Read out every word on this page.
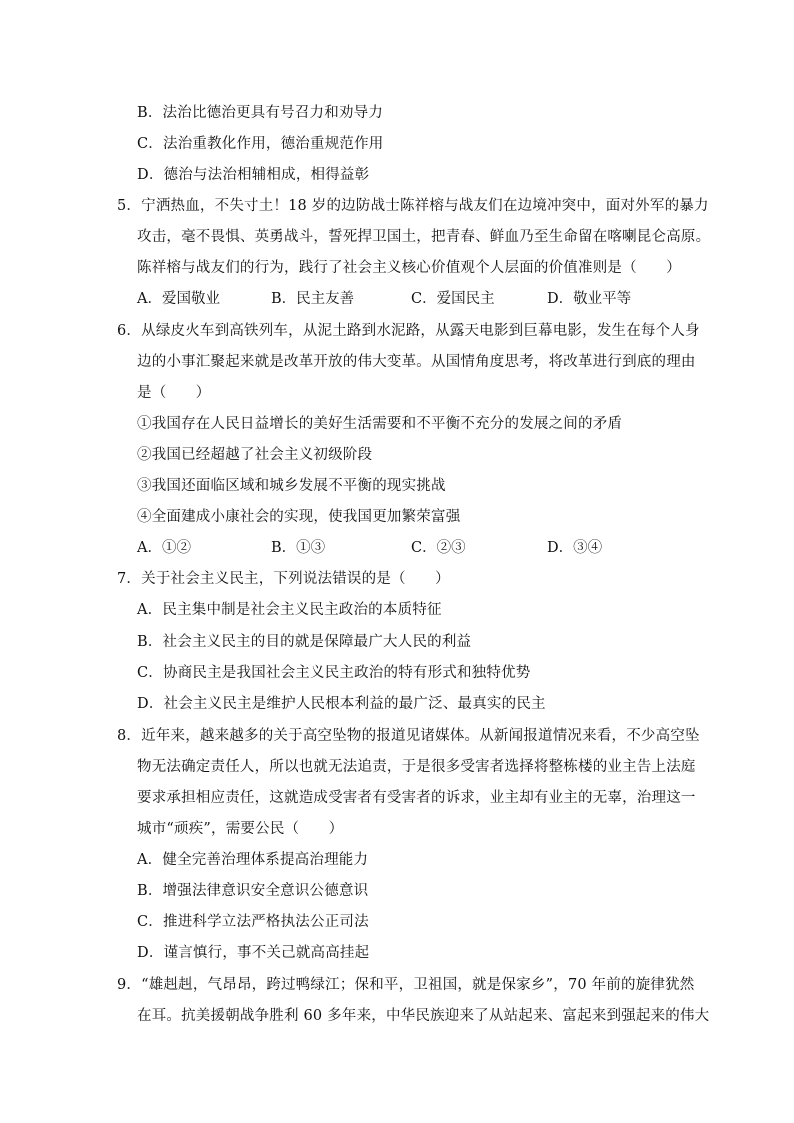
B．法治比德治更具有号召力和劝导力
C．法治重教化作用，德治重规范作用
D．德治与法治相辅相成，相得益彰
5．宁洒热血，不失寸土！18 岁的边防战士陈祥榕与战友们在边境冲突中，面对外军的暴力
攻击，毫不畏惧、英勇战斗，誓死捍卫国土，把青春、鲜血乃至生命留在喀喇昆仑高原。
陈祥榕与战友们的行为，践行了社会主义核心价值观个人层面的价值准则是（　　）
A．爱国敬业	B．民主友善	C．爱国民主	D．敬业平等
6．从绿皮火车到高铁列车，从泥土路到水泥路，从露天电影到巨幕电影，发生在每个人身
边的小事汇聚起来就是改革开放的伟大变革。从国情角度思考，将改革进行到底的理由
是（　　）
①我国存在人民日益增长的美好生活需要和不平衡不充分的发展之间的矛盾
②我国已经超越了社会主义初级阶段
③我国还面临区域和城乡发展不平衡的现实挑战
④全面建成小康社会的实现，使我国更加繁荣富强
A．①②	B．①③	C．②③	D．③④
7．关于社会主义民主，下列说法错误的是（　　）
A．民主集中制是社会主义民主政治的本质特征
B．社会主义民主的目的就是保障最广大人民的利益
C．协商民主是我国社会主义民主政治的特有形式和独特优势
D．社会主义民主是维护人民根本利益的最广泛、最真实的民主
8．近年来，越来越多的关于高空坠物的报道见诸媒体。从新闻报道情况来看，不少高空坠
物无法确定责任人，所以也就无法追责，于是很多受害者选择将整栋楼的业主告上法庭
要求承担相应责任，这就造成受害者有受害者的诉求，业主却有业主的无辜，治理这一
城市“顽疾”，需要公民（　　）
A．健全完善治理体系提高治理能力
B．增强法律意识安全意识公德意识
C．推进科学立法严格执法公正司法
D．谨言慎行，事不关己就高高挂起
9．“雄赳赳，气昂昂，跨过鸭绿江；保和平，卫祖国，就是保家乡”，70 年前的旋律犹然
在耳。抗美援朝战争胜利 60 多年来，中华民族迎来了从站起来、富起来到强起来的伟大
